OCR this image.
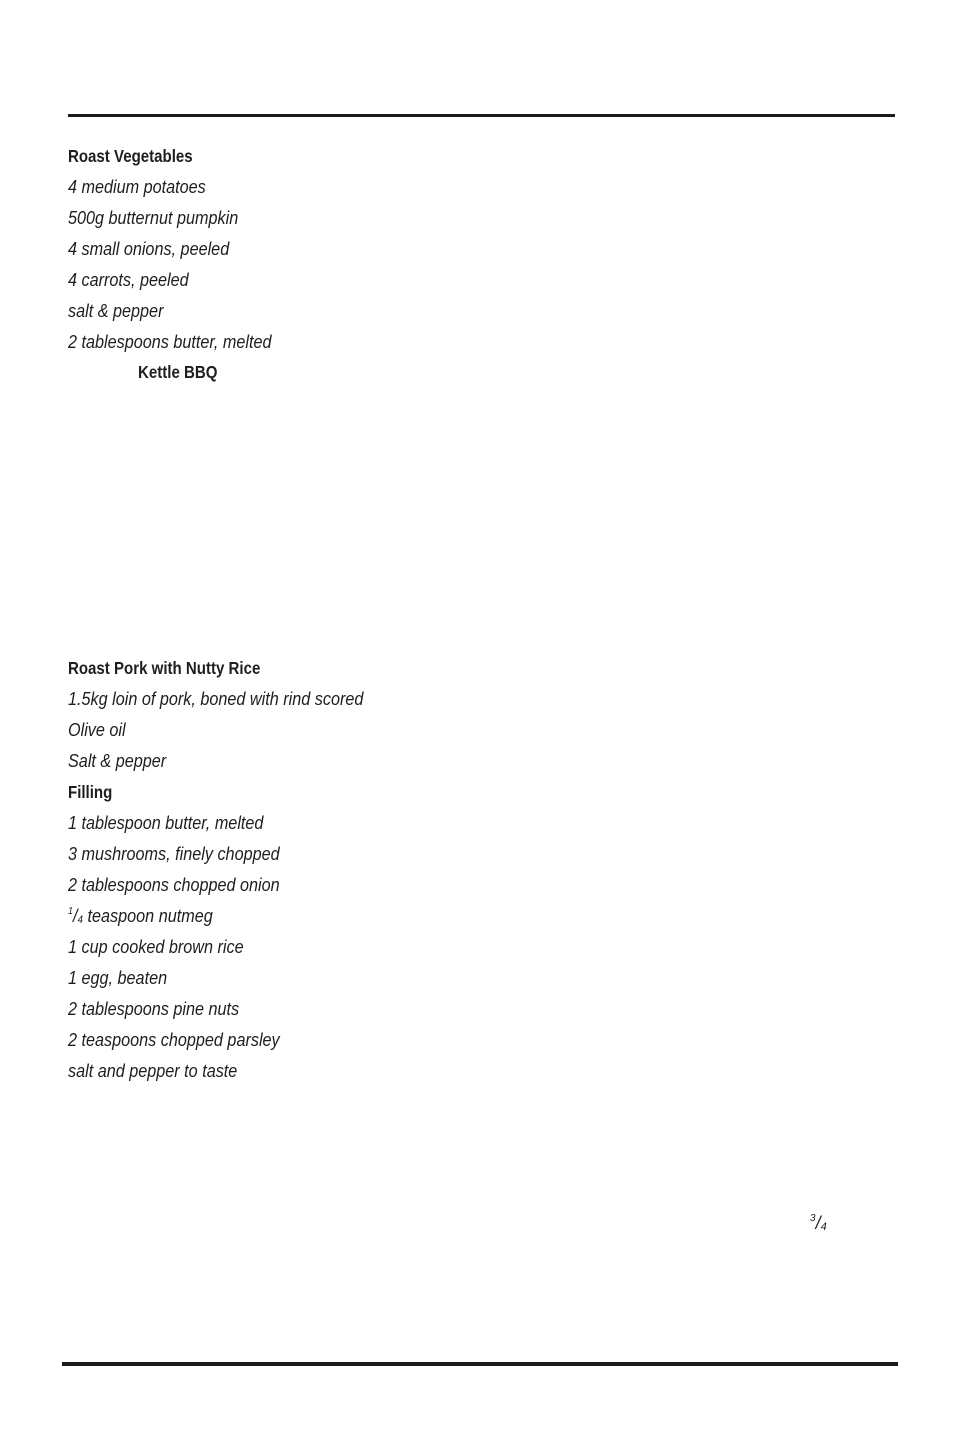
Roast Vegetables
4 medium potatoes
500g butternut pumpkin
4 small onions, peeled
4 carrots, peeled
salt & pepper
2 tablespoons butter, melted
Kettle BBQ
Roast Pork with Nutty Rice
1.5kg loin of pork, boned with rind scored
Olive oil
Salt & pepper
Filling
1 tablespoon butter, melted
3 mushrooms, finely chopped
2 tablespoons chopped onion
$^1$/4 teaspoon nutmeg
1 cup cooked brown rice
1 egg, beaten
2 tablespoons pine nuts
2 teaspoons chopped parsley
salt and pepper to taste
$^3$/4
